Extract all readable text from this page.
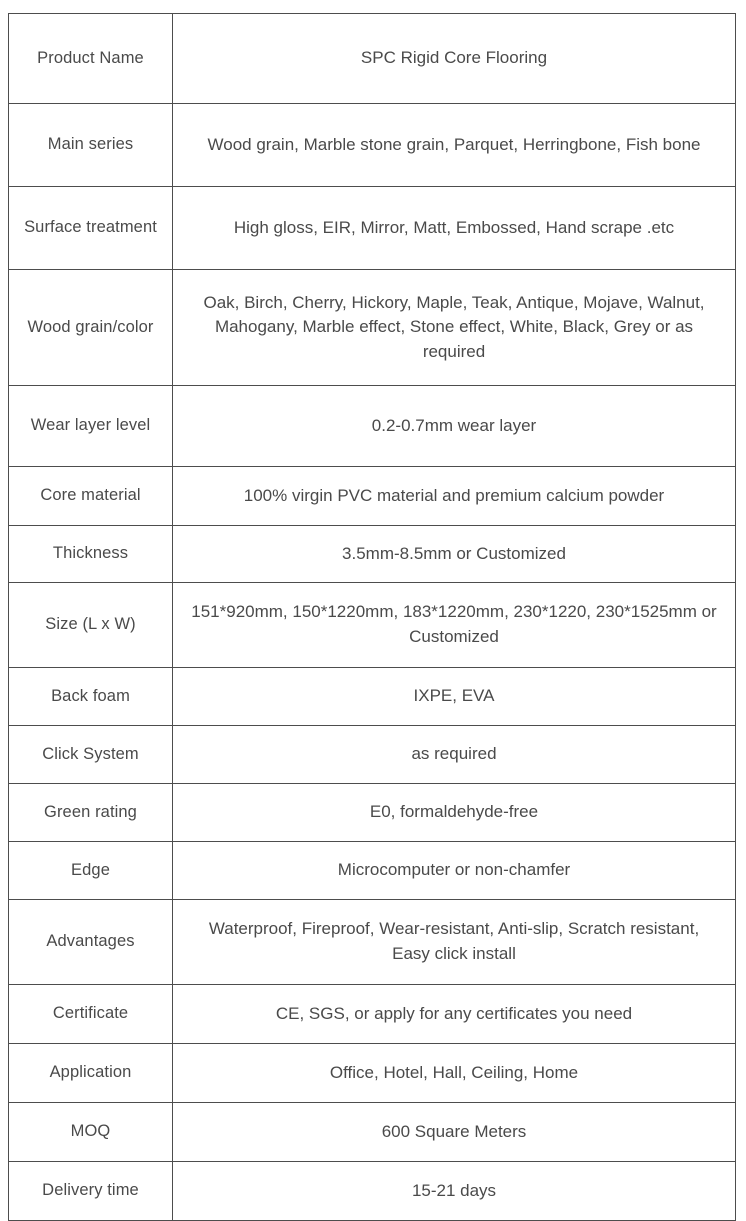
Product Name	SPC Rigid Core Flooring
Main series	Wood grain, Marble stone grain, Parquet, Herringbone, Fish bone
Surface treatment	High gloss, EIR, Mirror, Matt, Embossed, Hand scrape .etc
Wood grain/color	Oak, Birch, Cherry, Hickory, Maple, Teak, Antique, Mojave, Walnut, Mahogany, Marble effect, Stone effect, White, Black, Grey or as required
Wear layer level	0.2-0.7mm wear layer
Core material	100% virgin PVC material and premium calcium powder
Thickness	3.5mm-8.5mm or Customized
Size (L x W)	151*920mm, 150*1220mm, 183*1220mm, 230*1220, 230*1525mm or Customized
Back foam	IXPE, EVA
Click System	as required
Green rating	E0, formaldehyde-free
Edge	Microcomputer or non-chamfer
Advantages	Waterproof, Fireproof, Wear-resistant, Anti-slip, Scratch resistant, Easy click install
Certificate	CE, SGS, or apply for any certificates you need
Application	Office, Hotel, Hall, Ceiling, Home
MOQ	600 Square Meters
Delivery time	15-21 days
